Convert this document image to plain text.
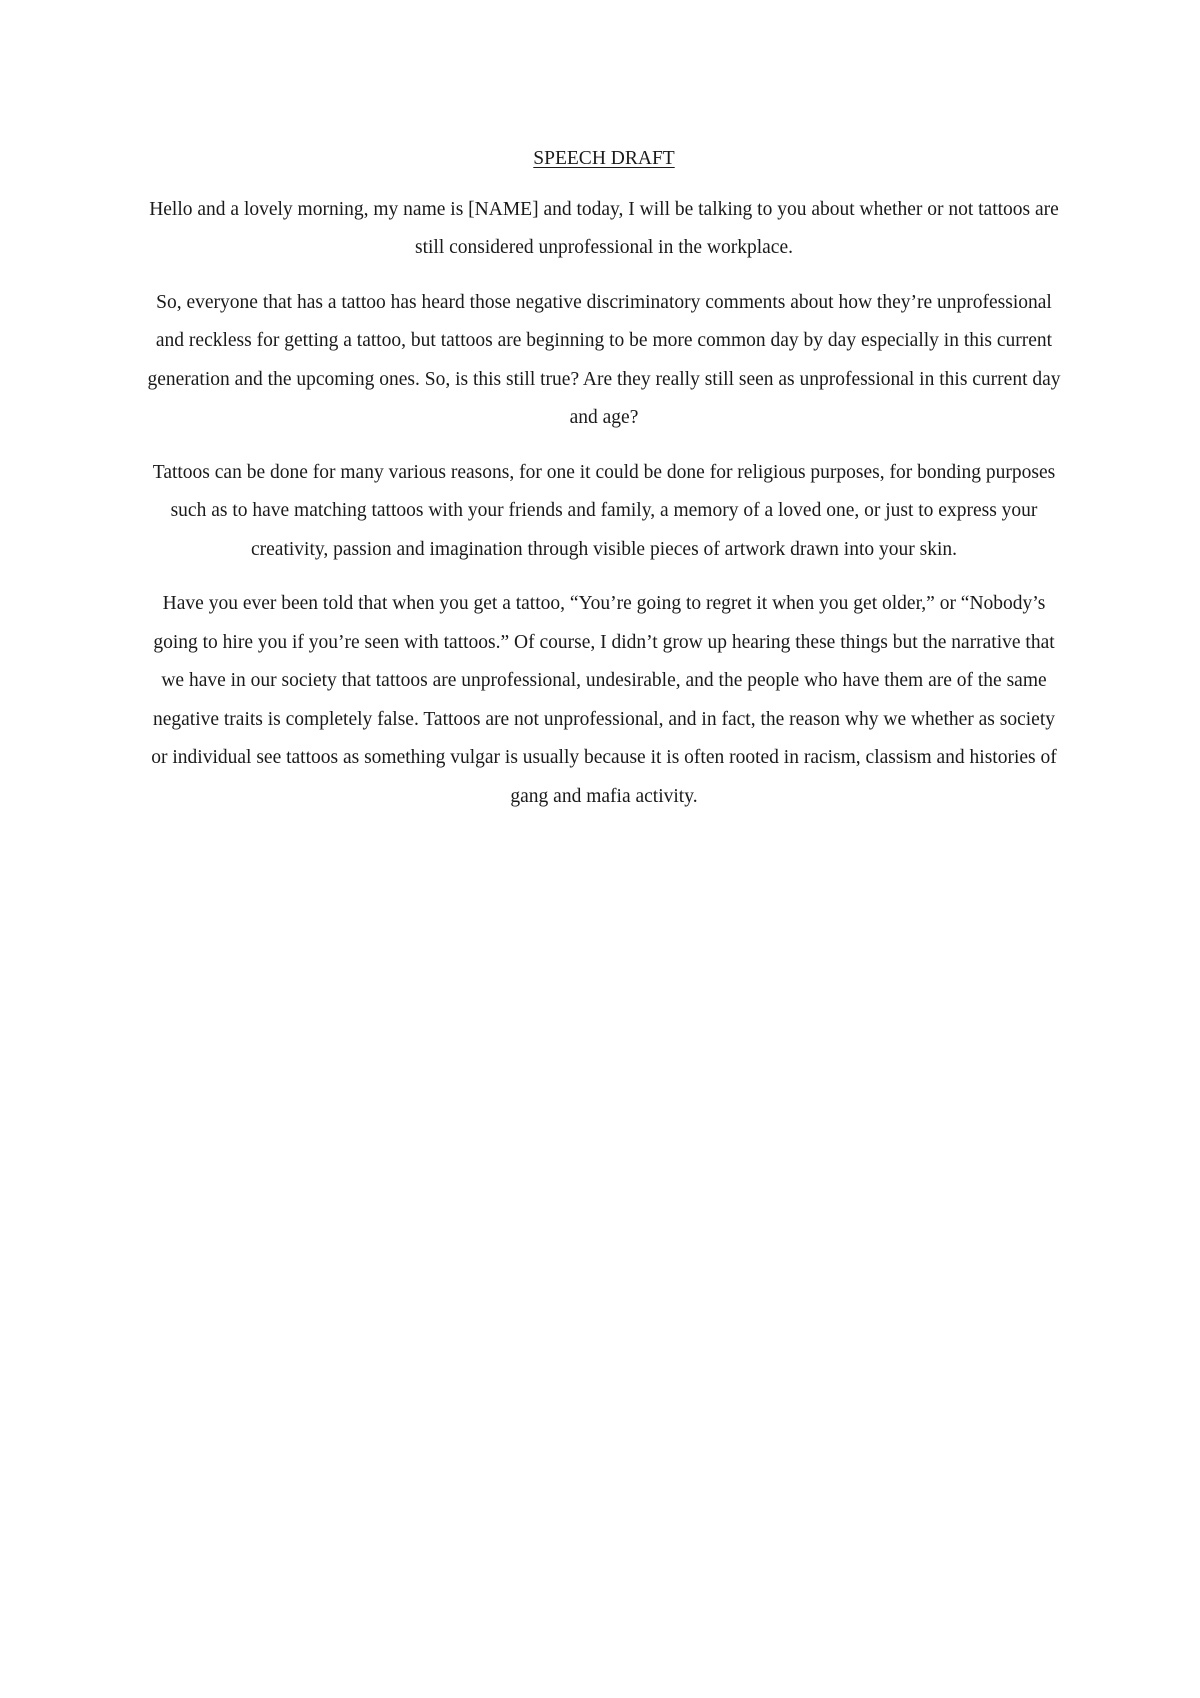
SPEECH DRAFT

Hello and a lovely morning, my name is [NAME] and today, I will be talking to you about whether or not tattoos are still considered unprofessional in the workplace.

So, everyone that has a tattoo has heard those negative discriminatory comments about how they’re unprofessional and reckless for getting a tattoo, but tattoos are beginning to be more common day by day especially in this current generation and the upcoming ones. So, is this still true? Are they really still seen as unprofessional in this current day and age?

Tattoos can be done for many various reasons, for one it could be done for religious purposes, for bonding purposes such as to have matching tattoos with your friends and family, a memory of a loved one, or just to express your creativity, passion and imagination through visible pieces of artwork drawn into your skin.

Have you ever been told that when you get a tattoo, “You’re going to regret it when you get older,” or “Nobody’s going to hire you if you’re seen with tattoos.” Of course, I didn’t grow up hearing these things but the narrative that we have in our society that tattoos are unprofessional, undesirable, and the people who have them are of the same negative traits is completely false. Tattoos are not unprofessional, and in fact, the reason why we whether as society or individual see tattoos as something vulgar is usually because it is often rooted in racism, classism and histories of gang and mafia activity.
